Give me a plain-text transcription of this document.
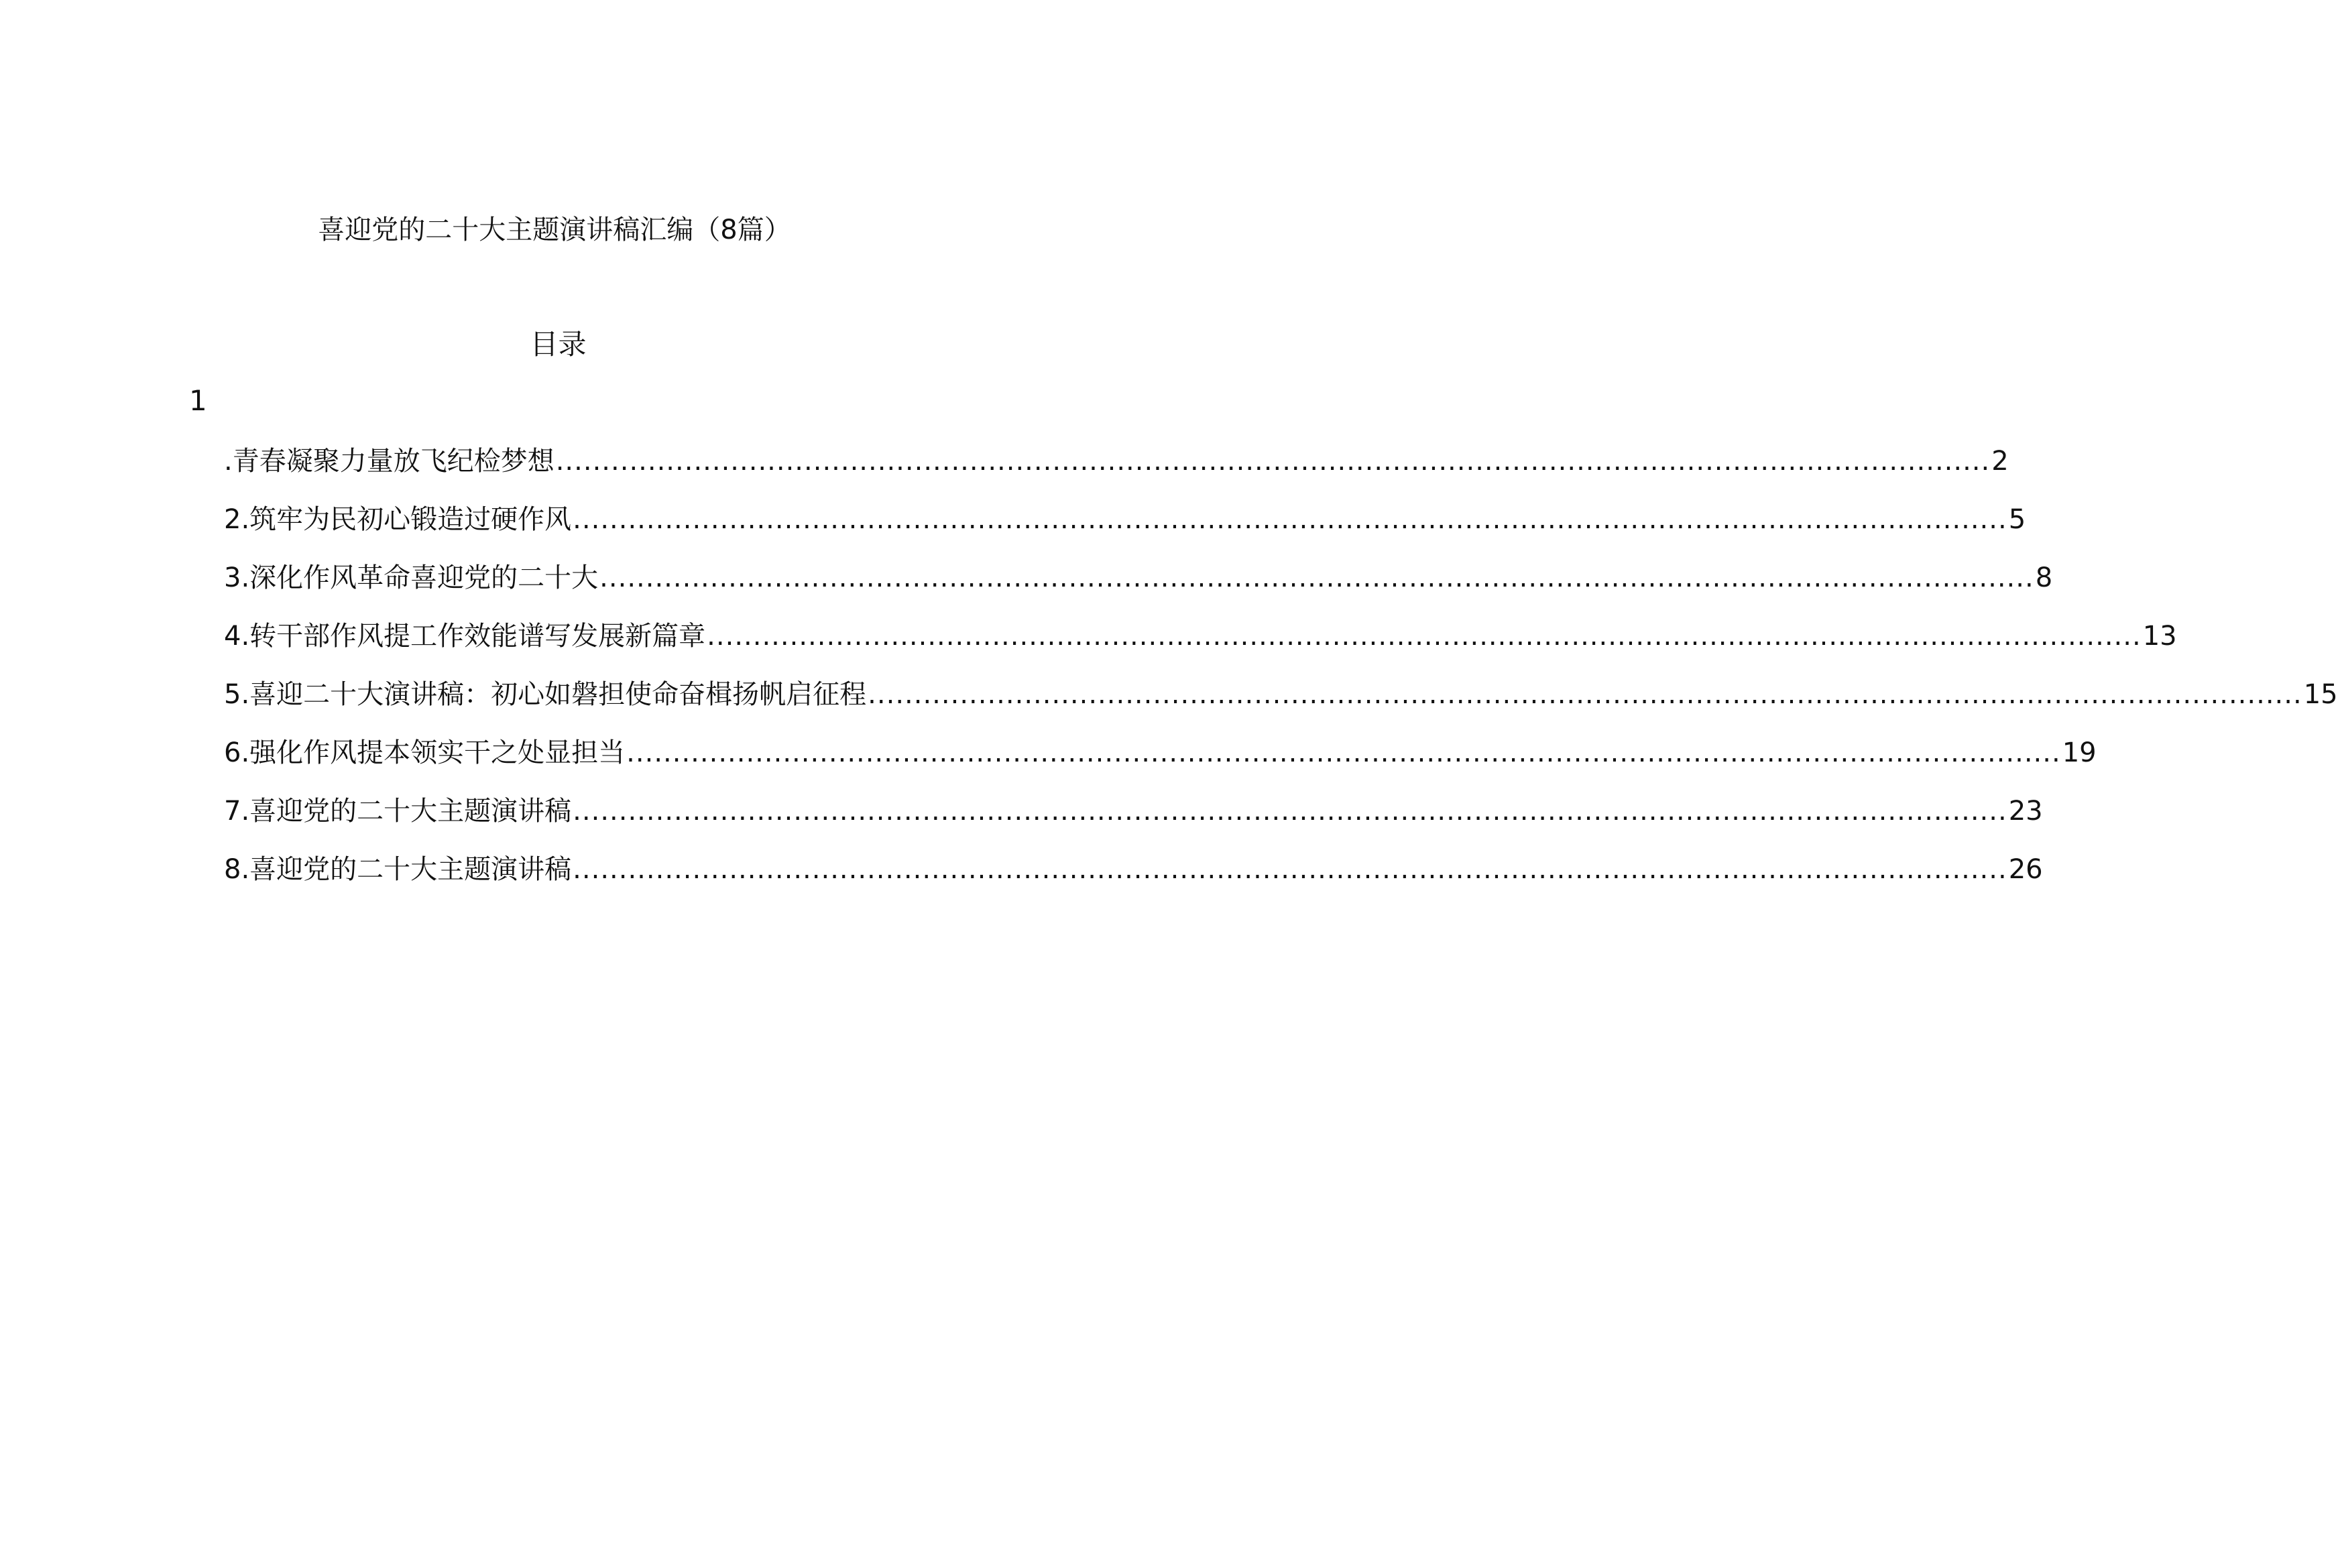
喜迎党的二十大主题演讲稿汇编（8篇）
目录
1
.青春凝聚力量放飞纪检梦想 ............................................................................................................................................................ 2
2.筑牢为民初心锻造过硬作风 ............................................................................................................................................................ 5
3.深化作风革命喜迎党的二十大 ............................................................................................................................................................ 8
4.转干部作风提工作效能谱写发展新篇章 ............................................................................................................................................................ 13
5.喜迎二十大演讲稿：初心如磐担使命奋楫扬帆启征程 ............................................................................................................................................................ 15
6.强化作风提本领实干之处显担当 ............................................................................................................................................................ 19
7.喜迎党的二十大主题演讲稿 ............................................................................................................................................................ 23
8.喜迎党的二十大主题演讲稿 ............................................................................................................................................................ 26
